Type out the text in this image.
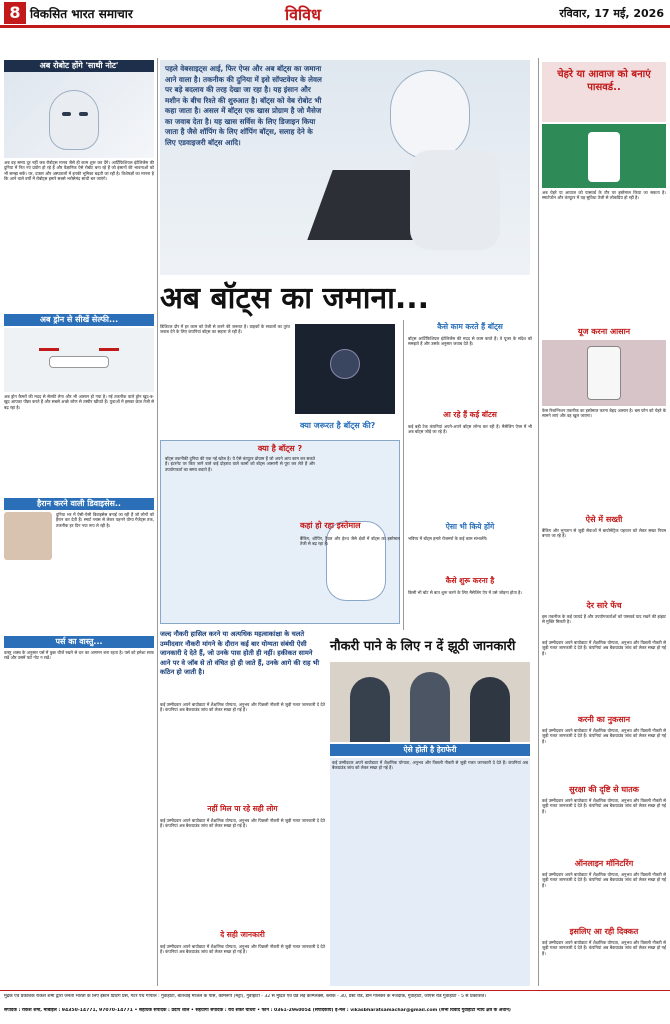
8 विकसित भारत समाचार	विविध	रविवार, 17 मई, 2026
अब रोबोट होंगे 'साथी नोट'
अब वह समय दूर नहीं जब रोबोट्स मानव जैसे ही काम शुरू कर देंगे। आर्टिफिशियल इंटेलिजेंस की दुनिया में नित नए प्रयोग हो रहे हैं और वैज्ञानिक ऐसे रोबोट बना रहे हैं जो इंसानों की भावनाओं को भी समझ सकें। घर, दफ्तर और अस्पतालों में इनकी भूमिका बढ़ती जा रही है। विशेषज्ञों का मानना है कि आने वाले वर्षों में रोबोट्स हमारे सबसे भरोसेमंद साथी बन जाएंगे।
अब ड्रोन से सीखें सेल्फी...
अब ड्रोन कैमरों की मदद से सेल्फी लेना और भी आसान हो गया है। नई तकनीक वाले ड्रोन खुद-ब-खुद आपका पीछा करते हैं और सबसे अच्छे कोण से तस्वीर खींचते हैं। युवाओं में इसका क्रेज तेजी से बढ़ रहा है।
हैरान करने वाली डिवाइसेस..
दुनिया भर में ऐसी-ऐसी डिवाइसेस बनाई जा रही हैं जो लोगों को हैरान कर देती हैं। स्मार्ट ग्लास से लेकर पहनने योग्य गैजेट्स तक, तकनीक हर दिन नया रूप ले रही है।
पर्स का वास्तु...
वास्तु शास्त्र के अनुसार पर्स में कुछ चीजें रखने से धन का आगमन बना रहता है। पर्स को हमेशा साफ रखें और उसमें फटे नोट न रखें।
पहले वेबसाइट्स आई, फिर ऐप्स और अब बॉट्स का जमाना आने वाला है। तकनीक की दुनिया में इसे सॉफ्टवेयर के लेवल पर बड़े बदलाव की तरह देखा जा रहा है। यह इंसान और मशीन के बीच रिश्ते की शुरुआत है। बॉट्स को वेब रोबोट भी कहा जाता है। असल में बॉट्स एक खास प्रोग्राम है जो मैसेज का जवाब देता है। यह खास सर्विस के लिए डिजाइन किया जाता है जैसे शॉपिंग के लिए शॉपिंग बॉट्स, सलाह देने के लिए एडवाइजरी बॉट्स आदि।
अब बॉट्स का जमाना...
डिजिटल दौर में हर काम को तेजी से करने की जरूरत है। ग्राहकों के सवालों का तुरंत जवाब देने के लिए कंपनियां बॉट्स का सहारा ले रही हैं।
क्या है बॉट्स ?
बॉट्स तकनीकी दुनिया की एक नई खोज है। ये ऐसे कंप्यूटर प्रोग्राम हैं जो अपने आप काम कर सकते हैं। इंटरनेट पर किए जाने वाले कई दोहराव वाले कामों को बॉट्स आसानी से पूरा कर लेते हैं और उपयोगकर्ता का समय बचाते हैं।
क्या जरूरत है बॉट्स की?
कहां हो रहा इस्तेमाल
बैंकिंग, शॉपिंग, ट्रैवल और हेल्थ जैसे क्षेत्रों में बॉट्स का इस्तेमाल तेजी से बढ़ रहा है।
कैसे काम करते हैं बॉट्स
बॉट्स आर्टिफिशियल इंटेलिजेंस की मदद से काम करते हैं। वे यूजर के संदेश को समझते हैं और उसके अनुसार जवाब देते हैं।
आ रहे हैं कई बॉटस
कई बड़ी टेक कंपनियां अपने-अपने बॉट्स लॉन्च कर रही हैं। मैसेजिंग ऐप्स में भी अब बॉट्स जोड़े जा रहे हैं।
ऐसा भी किये होंगे
भविष्य में बॉट्स हमारे रोजमर्रा के कई काम संभालेंगे।
कैसे शुरू करना है
किसी भी बॉट से बात शुरू करने के लिए मैसेजिंग ऐप में उसे जोड़ना होता है।
जल्द नौकरी हासिल करने या अत्यधिक महत्वाकांक्षा के चलते उम्मीदवार नौकरी मांगने के दौरान कई बार योग्यता संबंधी ऐसी जानकारी दे देते हैं, जो उनके पास होती ही नहीं। हकीकत सामने आने पर वे जॉब से तो वंचित हो ही जाते हैं, उनके आगे की राह भी कठिन हो जाती है।
नौकरी पाने के लिए न दें झूठी जानकारी
ऐसे होती है हेराफेरी
कई उम्मीदवार अपने बायोडाटा में शैक्षणिक योग्यता, अनुभव और पिछली नौकरी से जुड़ी गलत जानकारी दे देते हैं। कंपनियां अब बैकग्राउंड जांच को लेकर सख्त हो गई हैं।
कई उम्मीदवार अपने बायोडाटा में शैक्षणिक योग्यता, अनुभव और पिछली नौकरी से जुड़ी गलत जानकारी दे देते हैं। कंपनियां अब बैकग्राउंड जांच को लेकर सख्त हो गई हैं।
नहीं मिल पा रहे सही लोग
कई उम्मीदवार अपने बायोडाटा में शैक्षणिक योग्यता, अनुभव और पिछली नौकरी से जुड़ी गलत जानकारी दे देते हैं। कंपनियां अब बैकग्राउंड जांच को लेकर सख्त हो गई हैं।
दे सही जानकारी
कई उम्मीदवार अपने बायोडाटा में शैक्षणिक योग्यता, अनुभव और पिछली नौकरी से जुड़ी गलत जानकारी दे देते हैं। कंपनियां अब बैकग्राउंड जांच को लेकर सख्त हो गई हैं।
चेहरे या आवाज को बनाएं पासवर्ड..
अब चेहरे या आवाज को पासवर्ड के तौर पर इस्तेमाल किया जा सकता है। स्मार्टफोन और कंप्यूटर में यह सुविधा तेजी से लोकप्रिय हो रही है।
यूज करना आसान
फेस रिकग्निशन तकनीक का इस्तेमाल करना बेहद आसान है। बस फोन को चेहरे के सामने लाएं और वह खुल जाएगा।
ऐसे में सख्ती
बैंकिंग और भुगतान से जुड़ी सेवाओं में बायोमेट्रिक पहचान को लेकर सख्त नियम बनाए जा रहे हैं।
देर सारे फेंच
इस तकनीक के कई फायदे हैं और उपयोगकर्ताओं को पासवर्ड याद रखने की झंझट से मुक्ति मिलती है।
कई उम्मीदवार अपने बायोडाटा में शैक्षणिक योग्यता, अनुभव और पिछली नौकरी से जुड़ी गलत जानकारी दे देते हैं। कंपनियां अब बैकग्राउंड जांच को लेकर सख्त हो गई हैं।
करनी का नुकसान
कई उम्मीदवार अपने बायोडाटा में शैक्षणिक योग्यता, अनुभव और पिछली नौकरी से जुड़ी गलत जानकारी दे देते हैं। कंपनियां अब बैकग्राउंड जांच को लेकर सख्त हो गई हैं।
सुरक्षा की दृष्टि से घातक
कई उम्मीदवार अपने बायोडाटा में शैक्षणिक योग्यता, अनुभव और पिछली नौकरी से जुड़ी गलत जानकारी दे देते हैं। कंपनियां अब बैकग्राउंड जांच को लेकर सख्त हो गई हैं।
ऑनलाइन मॉनिटरिंग
कई उम्मीदवार अपने बायोडाटा में शैक्षणिक योग्यता, अनुभव और पिछली नौकरी से जुड़ी गलत जानकारी दे देते हैं। कंपनियां अब बैकग्राउंड जांच को लेकर सख्त हो गई हैं।
इसलिए आ रही दिक्कत
कई उम्मीदवार अपने बायोडाटा में शैक्षणिक योग्यता, अनुभव और पिछली नौकरी से जुड़ी गलत जानकारी दे देते हैं। कंपनियां अब बैकग्राउंड जांच को लेकर सख्त हो गई हैं।
मुद्रक एवं प्रकाशक राकेश शर्मा द्वारा जनता भारती के लिए ईस्टर्न प्रिंटिंग प्रेस, गेटर पथ गोपाल : गुवाहाटी, बातचाई मंजिल के पास, कामरूप (मेट्रो), गुवाहाटी - 32 से मुद्रित एवं ग्रैंड लड़ कॉम्प्लेक्स, ब्लॉक - 30, प्रेस्ट रोड, डॉन गोलकर के नजदीक, गुवाहाटी, जीएस रोड गुवाहाटी - 5 से प्रकाशित।
संपादक : राकेश शर्मा, मोबाइल : 94350-14771, 97070-14771 • सहायक संपादक : प्रदीप शील • सहयोगी संपादक : रवि शंकर चौधरी • फोन : 0361-2960054 (संपादकीय) ई-मेल : vikasbharatsamachar@gmail.com (सभी विवाद गुवाहाटी न्याय क्षेत्र के अधीन)
